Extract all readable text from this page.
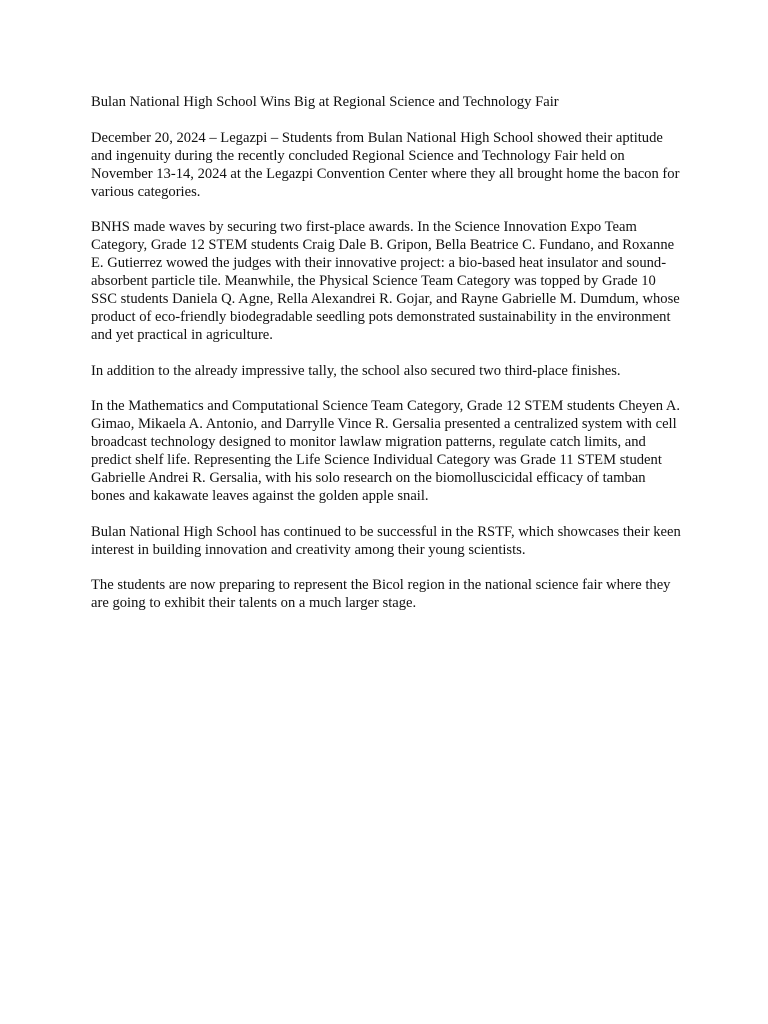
Bulan National High School Wins Big at Regional Science and Technology Fair

December 20, 2024 – Legazpi – Students from Bulan National High School showed their aptitude and ingenuity during the recently concluded Regional Science and Technology Fair held on November 13-14, 2024 at the Legazpi Convention Center where they all brought home the bacon for various categories.

BNHS made waves by securing two first-place awards. In the Science Innovation Expo Team Category, Grade 12 STEM students Craig Dale B. Gripon, Bella Beatrice C. Fundano, and Roxanne E. Gutierrez wowed the judges with their innovative project: a bio-based heat insulator and sound-absorbent particle tile. Meanwhile, the Physical Science Team Category was topped by Grade 10 SSC students Daniela Q. Agne, Rella Alexandrei R. Gojar, and Rayne Gabrielle M. Dumdum, whose product of eco-friendly biodegradable seedling pots demonstrated sustainability in the environment and yet practical in agriculture.

In addition to the already impressive tally, the school also secured two third-place finishes.

In the Mathematics and Computational Science Team Category, Grade 12 STEM students Cheyen A. Gimao, Mikaela A. Antonio, and Darrylle Vince R. Gersalia presented a centralized system with cell broadcast technology designed to monitor lawlaw migration patterns, regulate catch limits, and predict shelf life. Representing the Life Science Individual Category was Grade 11 STEM student Gabrielle Andrei R. Gersalia, with his solo research on the biomolluscicidal efficacy of tamban bones and kakawate leaves against the golden apple snail.

Bulan National High School has continued to be successful in the RSTF, which showcases their keen interest in building innovation and creativity among their young scientists.

The students are now preparing to represent the Bicol region in the national science fair where they are going to exhibit their talents on a much larger stage.
